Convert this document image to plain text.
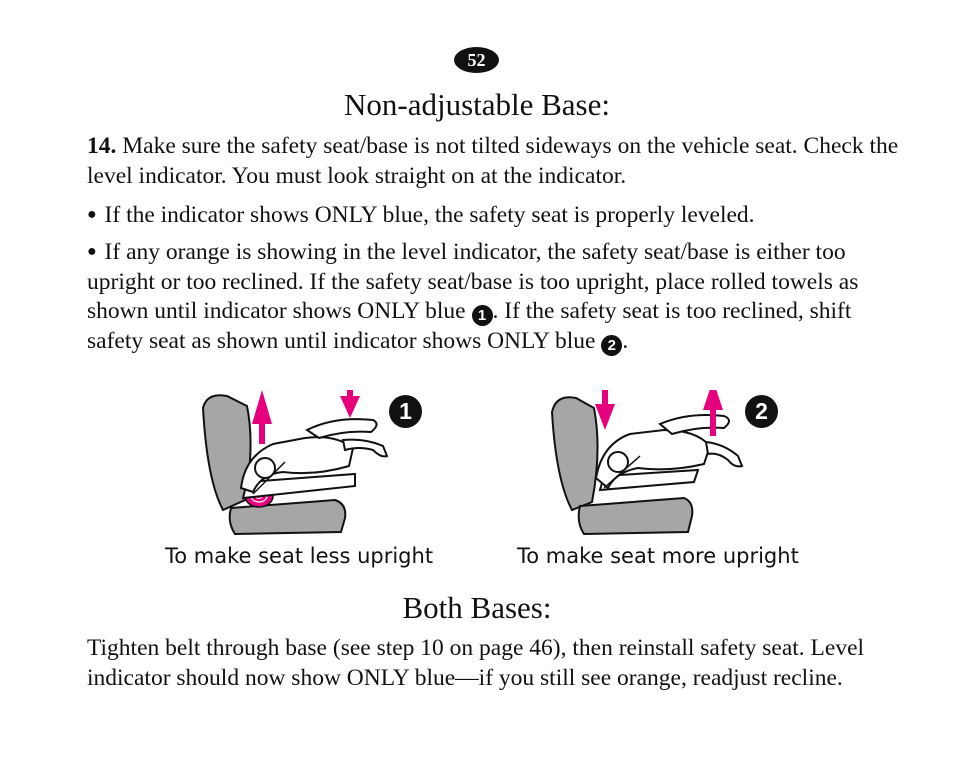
52
Non-adjustable Base:

14. Make sure the safety seat/base is not tilted sideways on the vehicle seat. Check the level indicator. You must look straight on at the indicator.

● If the indicator shows ONLY blue, the safety seat is properly leveled.

● If any orange is showing in the level indicator, the safety seat/base is either too upright or too reclined. If the safety seat/base is too upright, place rolled towels as shown until indicator shows ONLY blue 1 . If the safety seat is too reclined, shift safety seat as shown until indicator shows ONLY blue 2 .

1	2
To make seat less upright	To make seat more upright
Both Bases:

Tighten belt through base (see step 10 on page 46), then reinstall safety seat. Level indicator should now show ONLY blue—if you still see orange, readjust recline.
